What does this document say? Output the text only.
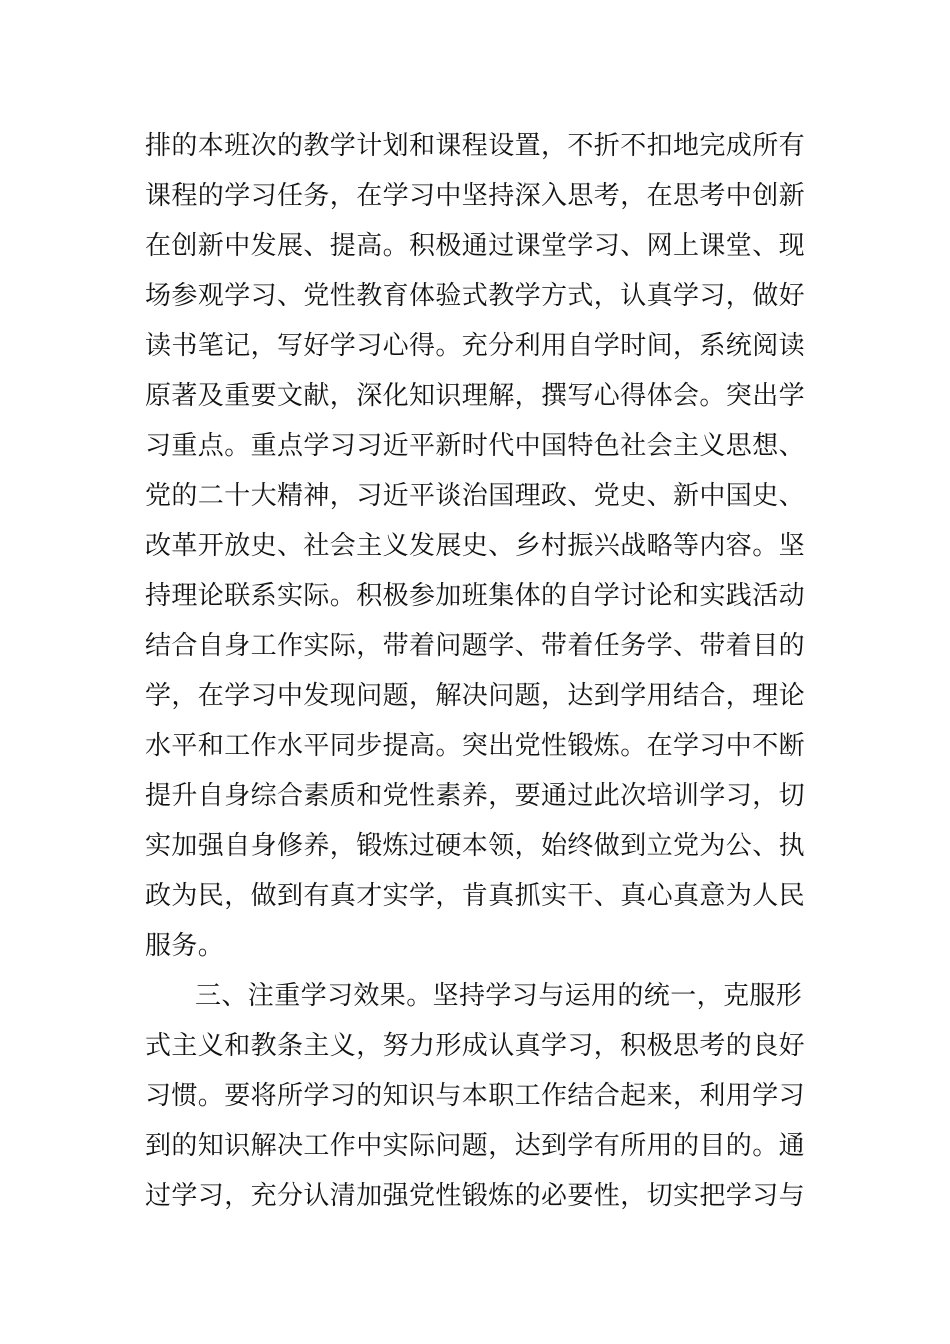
排的本班次的教学计划和课程设置，不折不扣地完成所有
课程的学习任务，在学习中坚持深入思考，在思考中创新
在创新中发展、提高。积极通过课堂学习、网上课堂、现
场参观学习、党性教育体验式教学方式，认真学习，做好
读书笔记，写好学习心得。充分利用自学时间，系统阅读
原著及重要文献，深化知识理解，撰写心得体会。突出学
习重点。重点学习习近平新时代中国特色社会主义思想、
党的二十大精神，习近平谈治国理政、党史、新中国史、
改革开放史、社会主义发展史、乡村振兴战略等内容。坚
持理论联系实际。积极参加班集体的自学讨论和实践活动
结合自身工作实际，带着问题学、带着任务学、带着目的
学，在学习中发现问题，解决问题，达到学用结合，理论
水平和工作水平同步提高。突出党性锻炼。在学习中不断
提升自身综合素质和党性素养，要通过此次培训学习，切
实加强自身修养，锻炼过硬本领，始终做到立党为公、执
政为民，做到有真才实学，肯真抓实干、真心真意为人民
服务。
三、注重学习效果。坚持学习与运用的统一，克服形
式主义和教条主义，努力形成认真学习，积极思考的良好
习惯。要将所学习的知识与本职工作结合起来，利用学习
到的知识解决工作中实际问题，达到学有所用的目的。通
过学习，充分认清加强党性锻炼的必要性，切实把学习与
